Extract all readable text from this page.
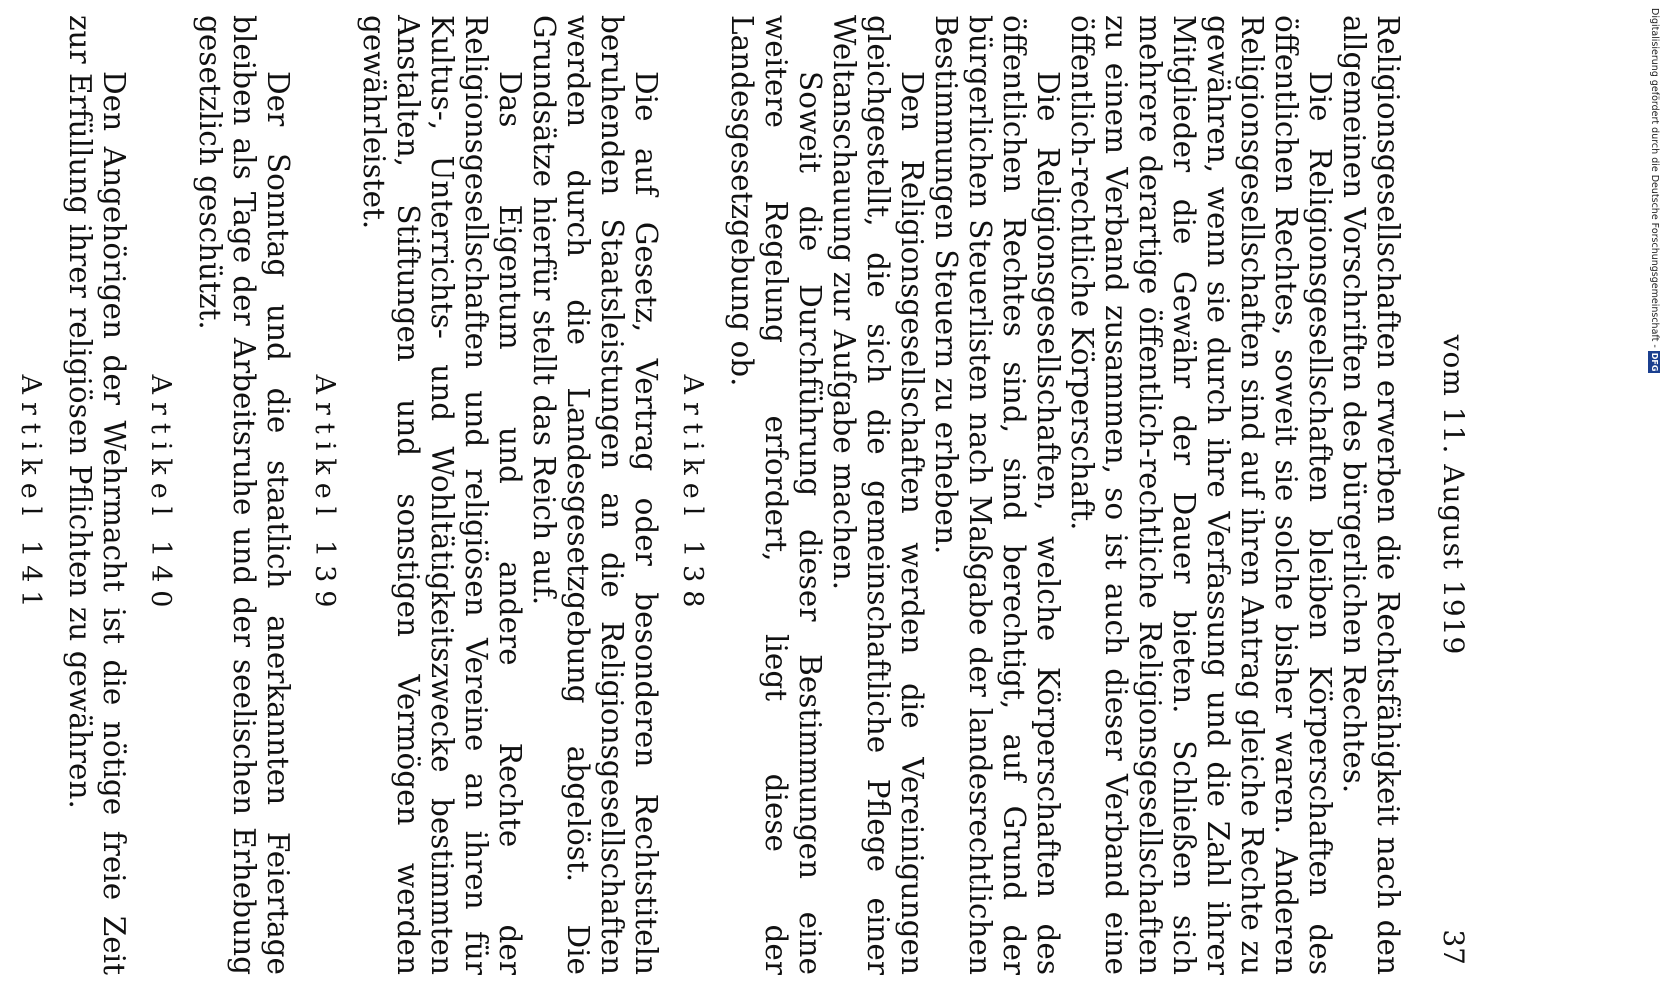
vom 11. August 1919
37

Religionsgesellschaften erwerben die Rechtsfähigkeit nach den allgemeinen Vorschriften des bürgerlichen Rechtes.

Die Religionsgesellschaften bleiben Körperschaften des öffentlichen Rechtes, soweit sie solche bisher waren. Anderen Religionsgesellschaften sind auf ihren Antrag gleiche Rechte zu gewähren, wenn sie durch ihre Verfassung und die Zahl ihrer Mitglieder die Gewähr der Dauer bieten. Schließen sich mehrere derartige öffentlich-rechtliche Religionsgesellschaften zu einem Verband zusammen, so ist auch dieser Verband eine öffentlich-rechtliche Körperschaft.

Die Religionsgesellschaften, welche Körperschaften des öffentlichen Rechtes sind, sind berechtigt, auf Grund der bürgerlichen Steuerlisten nach Maßgabe der landesrechtlichen Bestimmungen Steuern zu erheben.

Den Religionsgesellschaften werden die Vereinigungen gleichgestellt, die sich die gemeinschaftliche Pflege einer Weltanschauung zur Aufgabe machen.

Soweit die Durchführung dieser Bestimmungen eine weitere Regelung erfordert, liegt diese der Landesgesetzgebung ob.

Artikel 138

Die auf Gesetz, Vertrag oder besonderen Rechtstiteln beruhenden Staatsleistungen an die Religionsgesellschaften werden durch die Landesgesetzgebung abgelöst. Die Grundsätze hierfür stellt das Reich auf.

Das Eigentum und andere Rechte der Religionsgesellschaften und religiösen Vereine an ihren für Kultus-, Unterrichts- und Wohltätigkeitszwecke bestimmten Anstalten, Stiftungen und sonstigen Vermögen werden gewährleistet.

Artikel 139

Der Sonntag und die staatlich anerkannten Feiertage bleiben als Tage der Arbeitsruhe und der seelischen Erhebung gesetzlich geschützt.

Artikel 140

Den Angehörigen der Wehrmacht ist die nötige freie Zeit zur Erfüllung ihrer religiösen Pflichten zu gewähren.

Artikel 141

Digitalisierung gefördert durch die Deutsche Forschungsgemeinschaft -DFG
